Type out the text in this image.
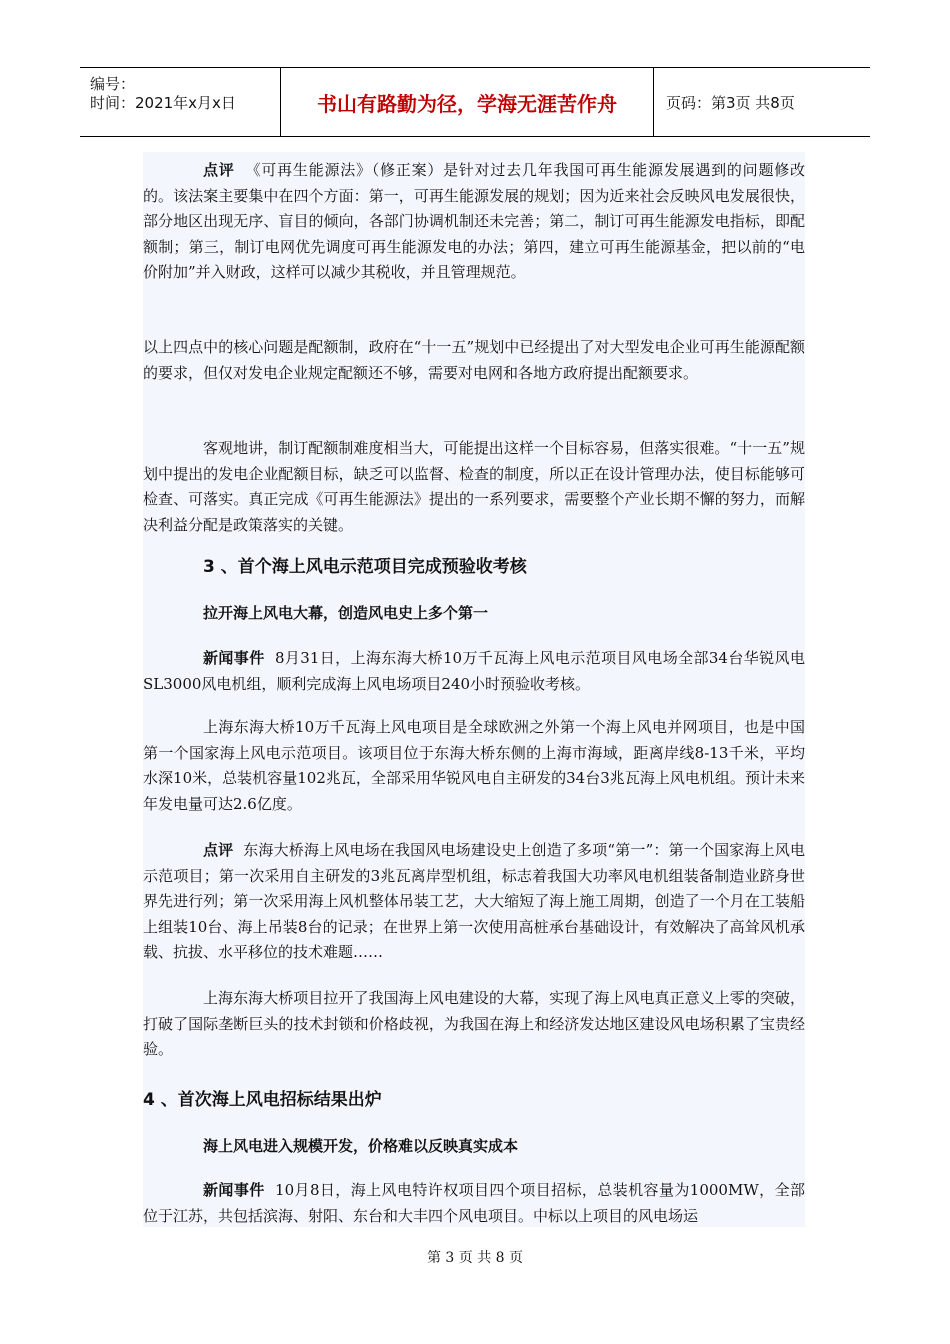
编号：
时间：2021年x月x日	书山有路勤为径，学海无涯苦作舟	页码：第3页 共8页

点评 《可再生能源法》（修正案）是针对过去几年我国可再生能源发展遇到的问题修改的。该法案主要集中在四个方面：第一，可再生能源发展的规划；因为近来社会反映风电发展很快，部分地区出现无序、盲目的倾向，各部门协调机制还未完善；第二，制订可再生能源发电指标，即配额制；第三，制订电网优先调度可再生能源发电的办法；第四，建立可再生能源基金，把以前的“电价附加”并入财政，这样可以减少其税收，并且管理规范。

以上四点中的核心问题是配额制，政府在“十一五”规划中已经提出了对大型发电企业可再生能源配额的要求，但仅对发电企业规定配额还不够，需要对电网和各地方政府提出配额要求。

客观地讲，制订配额制难度相当大，可能提出这样一个目标容易，但落实很难。“十一五”规划中提出的发电企业配额目标，缺乏可以监督、检查的制度，所以正在设计管理办法，使目标能够可检查、可落实。真正完成《可再生能源法》提出的一系列要求，需要整个产业长期不懈的努力，而解决利益分配是政策落实的关键。

3 、首个海上风电示范项目完成预验收考核

拉开海上风电大幕，创造风电史上多个第一

新闻事件 8月31日，上海东海大桥10万千瓦海上风电示范项目风电场全部34台华锐风电SL3000风电机组，顺利完成海上风电场项目240小时预验收考核。

上海东海大桥10万千瓦海上风电项目是全球欧洲之外第一个海上风电并网项目，也是中国第一个国家海上风电示范项目。该项目位于东海大桥东侧的上海市海域，距离岸线8-13千米，平均水深10米，总装机容量102兆瓦，全部采用华锐风电自主研发的34台3兆瓦海上风电机组。预计未来年发电量可达2.6亿度。

点评 东海大桥海上风电场在我国风电场建设史上创造了多项“第一”：第一个国家海上风电示范项目；第一次采用自主研发的3兆瓦离岸型机组，标志着我国大功率风电机组装备制造业跻身世界先进行列；第一次采用海上风机整体吊装工艺，大大缩短了海上施工周期，创造了一个月在工装船上组装10台、海上吊装8台的记录；在世界上第一次使用高桩承台基础设计，有效解决了高耸风机承载、抗拔、水平移位的技术难题……

上海东海大桥项目拉开了我国海上风电建设的大幕，实现了海上风电真正意义上零的突破，打破了国际垄断巨头的技术封锁和价格歧视，为我国在海上和经济发达地区建设风电场积累了宝贵经验。

4 、首次海上风电招标结果出炉

海上风电进入规模开发，价格难以反映真实成本

新闻事件 10月8日，海上风电特许权项目四个项目招标，总装机容量为1000MW，全部位于江苏，共包括滨海、射阳、东台和大丰四个风电项目。中标以上项目的风电场运

第 3 页 共 8 页
